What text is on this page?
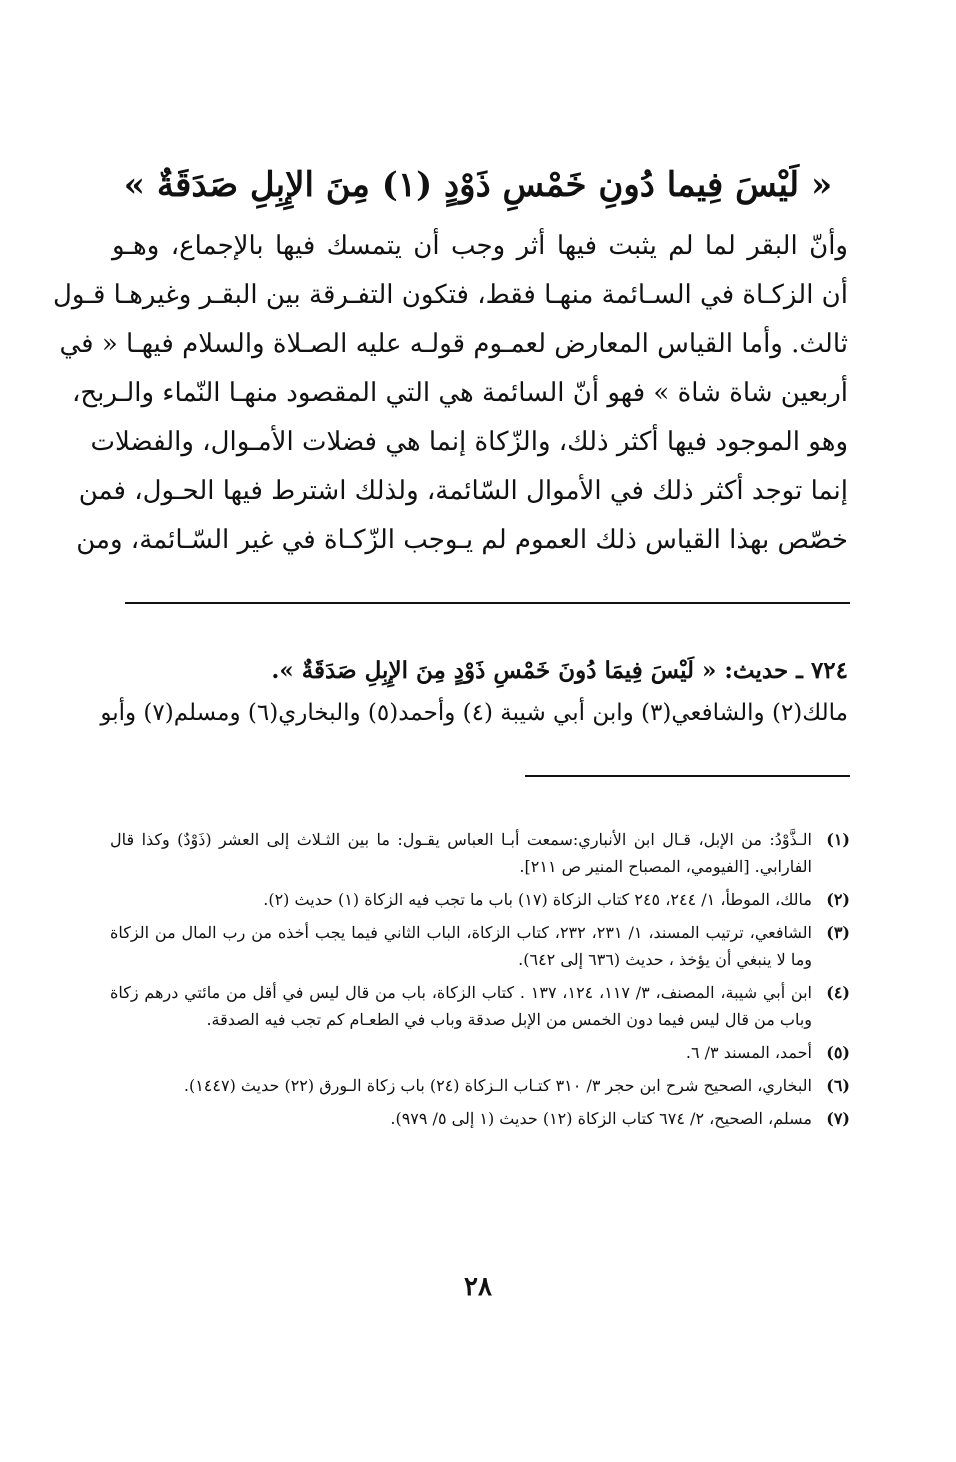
« لَيْسَ فِيما دُونِ خَمْسِ ذَوْدٍ (١) مِنَ الإِبِلِ صَدَقَةٌ »
وأنّ البقر لما لم يثبت فيها أثر وجب أن يتمسك فيها بالإجماع، وهـو
أن الزكـاة في السـائمة منهـا فقط، فتكون التفـرقة بين البقـر وغيرهـا قـول
ثالث. وأما القياس المعارض لعمـوم قولـه عليه الصـلاة والسلام فيهـا « في
أربعين شاة شاة » فهو أنّ السائمة هي التي المقصود منهـا النّماء والـربح،
وهو الموجود فيها أكثر ذلك، والزّكاة إنما هي فضلات الأمـوال، والفضلات
إنما توجد أكثر ذلك في الأموال السّائمة، ولذلك اشترط فيها الحـول، فمن
خصّص بهذا القياس ذلك العموم لم يـوجب الزّكـاة في غير السّـائمة، ومن
٧٢٤ ـ حديث: « لَيْسَ فِيمَا دُونَ خَمْسِ ذَوْدٍ مِنَ الإِبِلِ صَدَقَةٌ ».
مالك(٢) والشافعي(٣) وابن أبي شيبة (٤) وأحمد(٥) والبخاري(٦) ومسلم(٧) وأبو
(١)
الـذَّوْدُ: من الإبل، قـال ابن الأنباري:سمعت أبـا العباس يقـول: ما بين الثـلاث إلى العشر (ذَوْدٌ) وكذا قال الفارابي. [الفيومي، المصباح المنير ص ٢١١].
(٢)
مالك، الموطأ، ١/ ٢٤٤، ٢٤٥ كتاب الزكاة (١٧) باب ما تجب فيه الزكاة (١) حديث (٢).
(٣)
الشافعي، ترتيب المسند، ١/ ٢٣١، ٢٣٢، كتاب الزكاة، الباب الثاني فيما يجب أخذه من رب المال من الزكاة وما لا ينبغي أن يؤخذ ، حديث (٦٣٦ إلى ٦٤٢).
(٤)
ابن أبي شيبة، المصنف، ٣/ ١١٧، ١٢٤، ١٣٧ . كتاب الزكاة، باب من قال ليس في أقل من مائتي درهم زكاة وباب من قال ليس فيما دون الخمس من الإبل صدقة وباب في الطعـام كم تجب فيه الصدقة.
(٥)
أحمد، المسند ٣/ ٦.
(٦)
البخاري، الصحيح شرح ابن حجر ٣/ ٣١٠ كتـاب الـزكاة (٢٤) باب زكاة الـورق (٢٢) حديث (١٤٤٧).
(٧)
مسلم، الصحيح، ٢/ ٦٧٤ كتاب الزكاة (١٢) حديث (١ إلى ٥/ ٩٧٩).
٢٨
